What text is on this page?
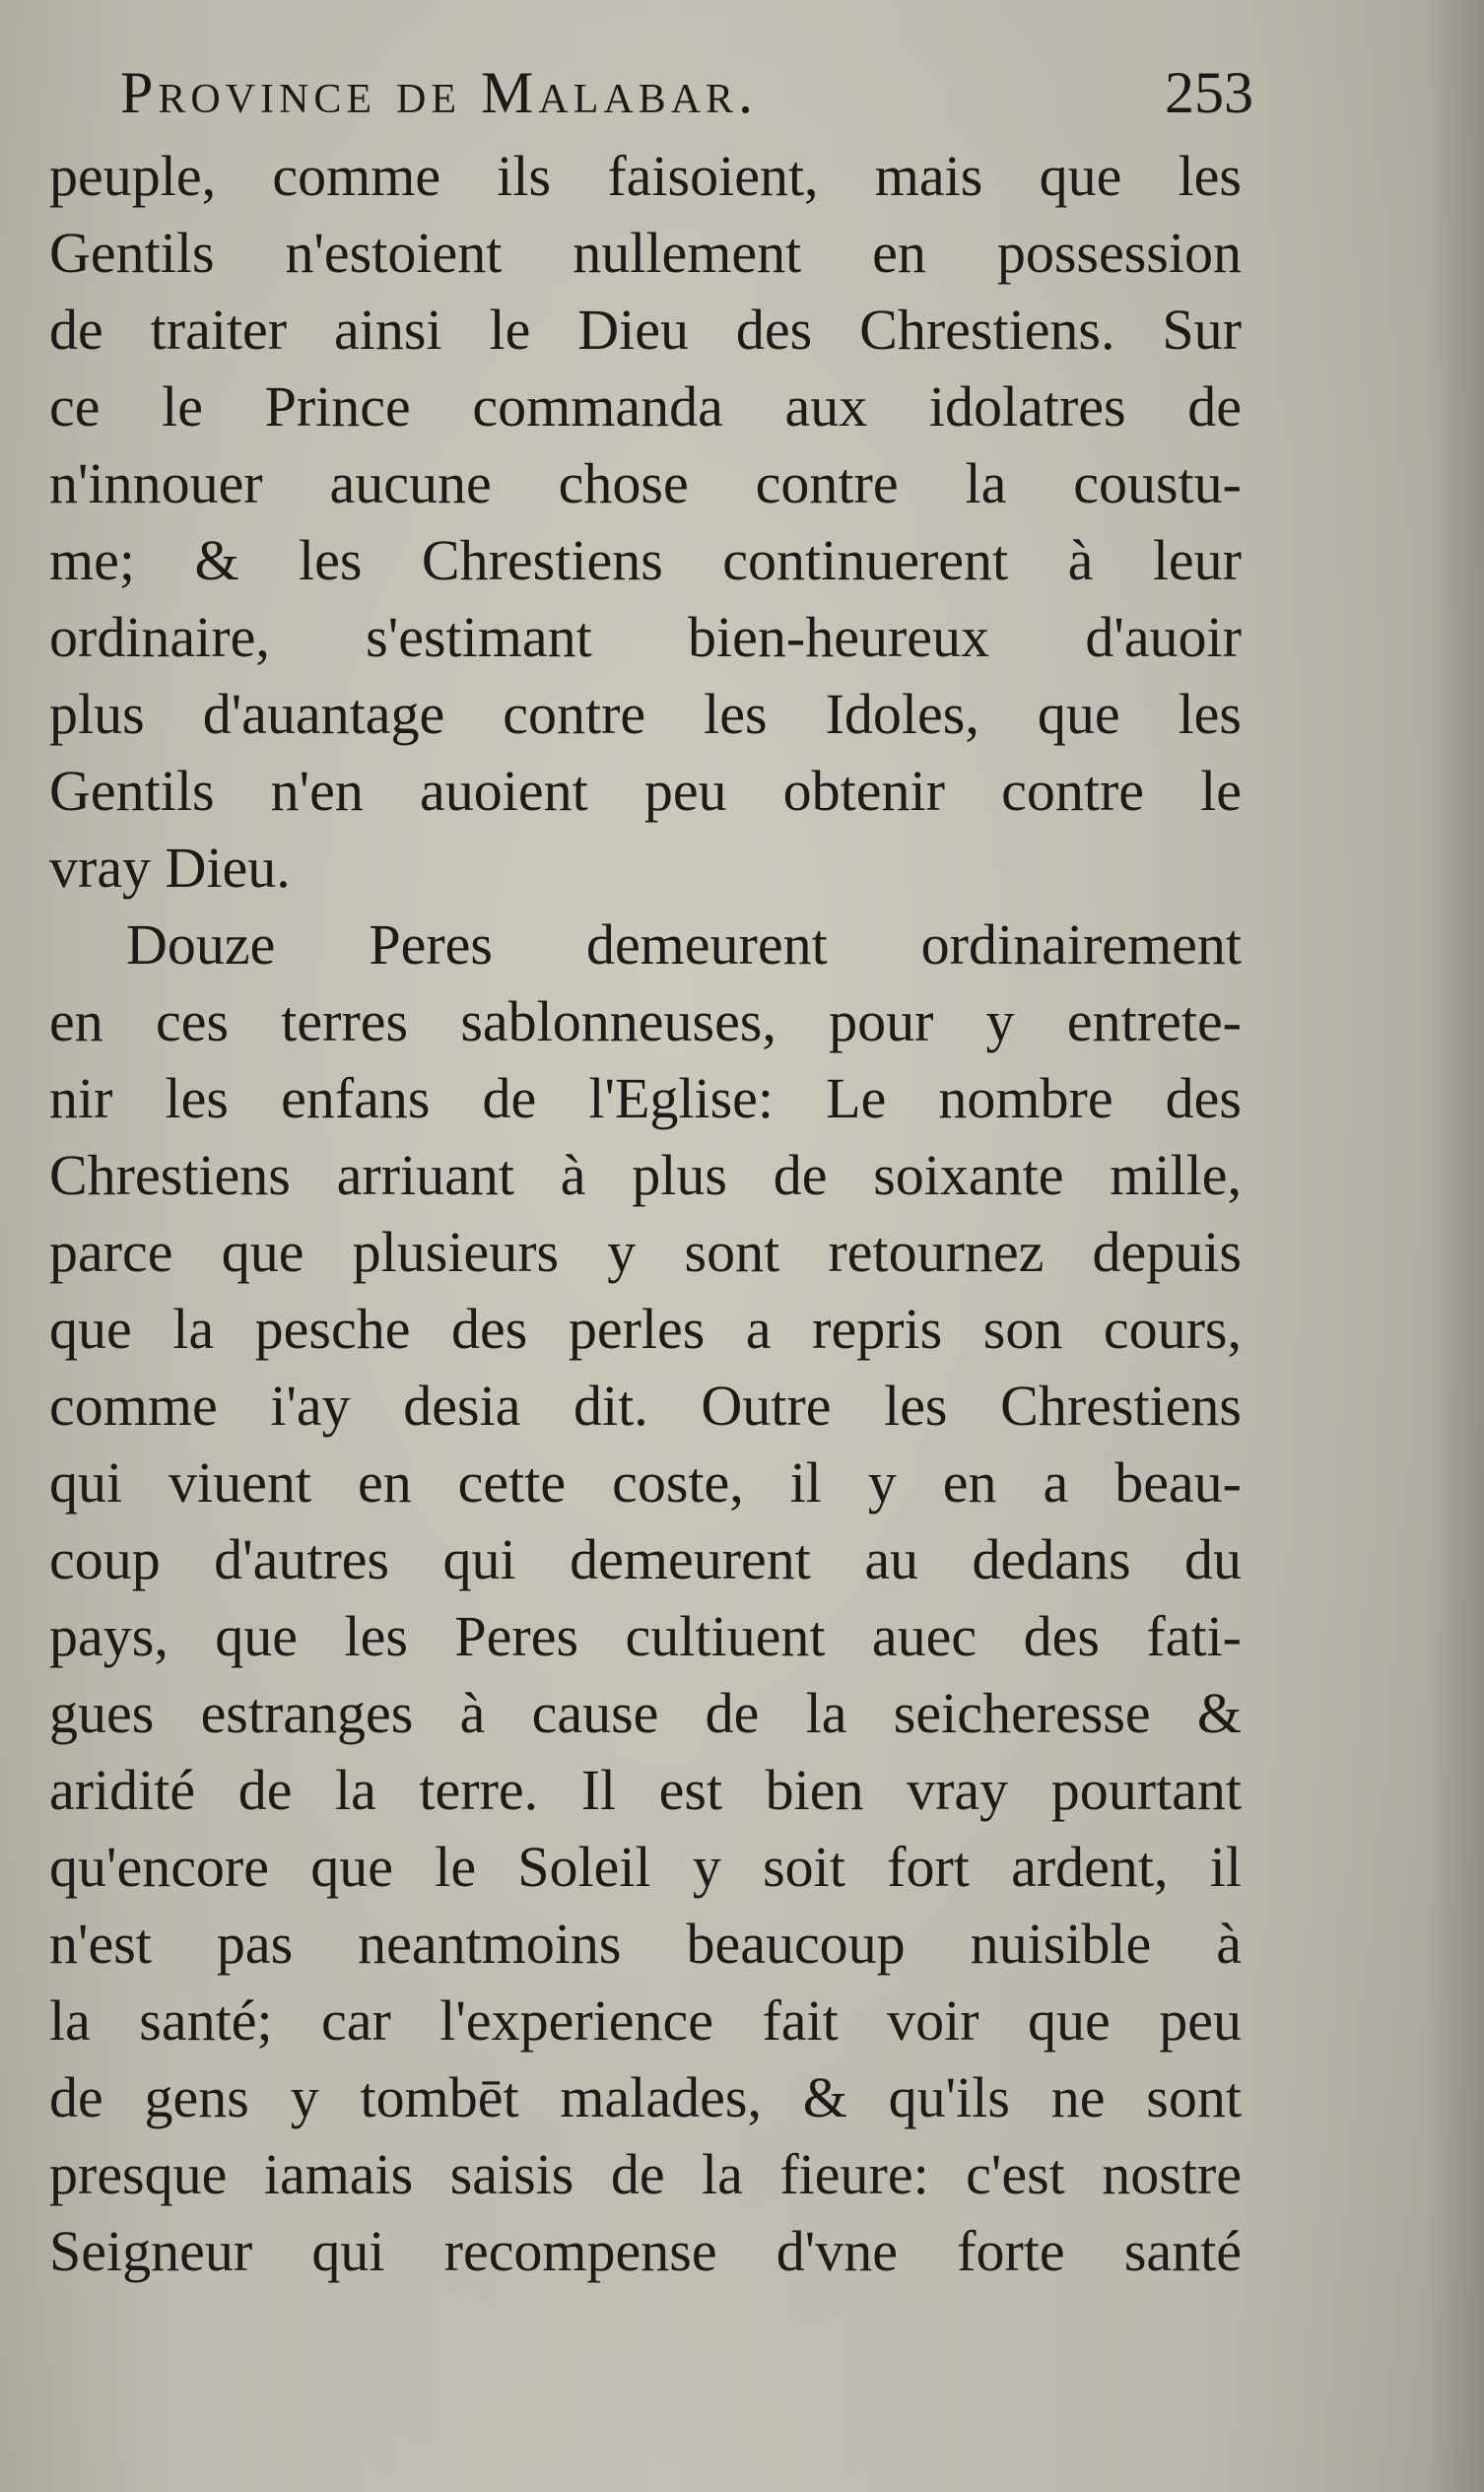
Province de Malabar.	253
peuple, comme ils faisoient, mais que les
Gentils n'estoient nullement en possession
de traiter ainsi le Dieu des Chrestiens. Sur
ce le Prince commanda aux idolatres de
n'innouer aucune chose contre la coustu-
me; & les Chrestiens continuerent à leur
ordinaire, s'estimant bien-heureux d'auoir
plus d'auantage contre les Idoles, que les
Gentils n'en auoient peu obtenir contre le
vray Dieu.
Douze Peres demeurent ordinairement
en ces terres sablonneuses, pour y entrete-
nir les enfans de l'Eglise: Le nombre des
Chrestiens arriuant à plus de soixante mille,
parce que plusieurs y sont retournez depuis
que la pesche des perles a repris son cours,
comme i'ay desia dit. Outre les Chrestiens
qui viuent en cette coste, il y en a beau-
coup d'autres qui demeurent au dedans du
pays, que les Peres cultiuent auec des fati-
gues estranges à cause de la seicheresse &
aridité de la terre. Il est bien vray pourtant
qu'encore que le Soleil y soit fort ardent, il
n'est pas neantmoins beaucoup nuisible à
la santé; car l'experience fait voir que peu
de gens y tombēt malades, & qu'ils ne sont
presque iamais saisis de la fieure: c'est nostre
Seigneur qui recompense d'vne forte santé
